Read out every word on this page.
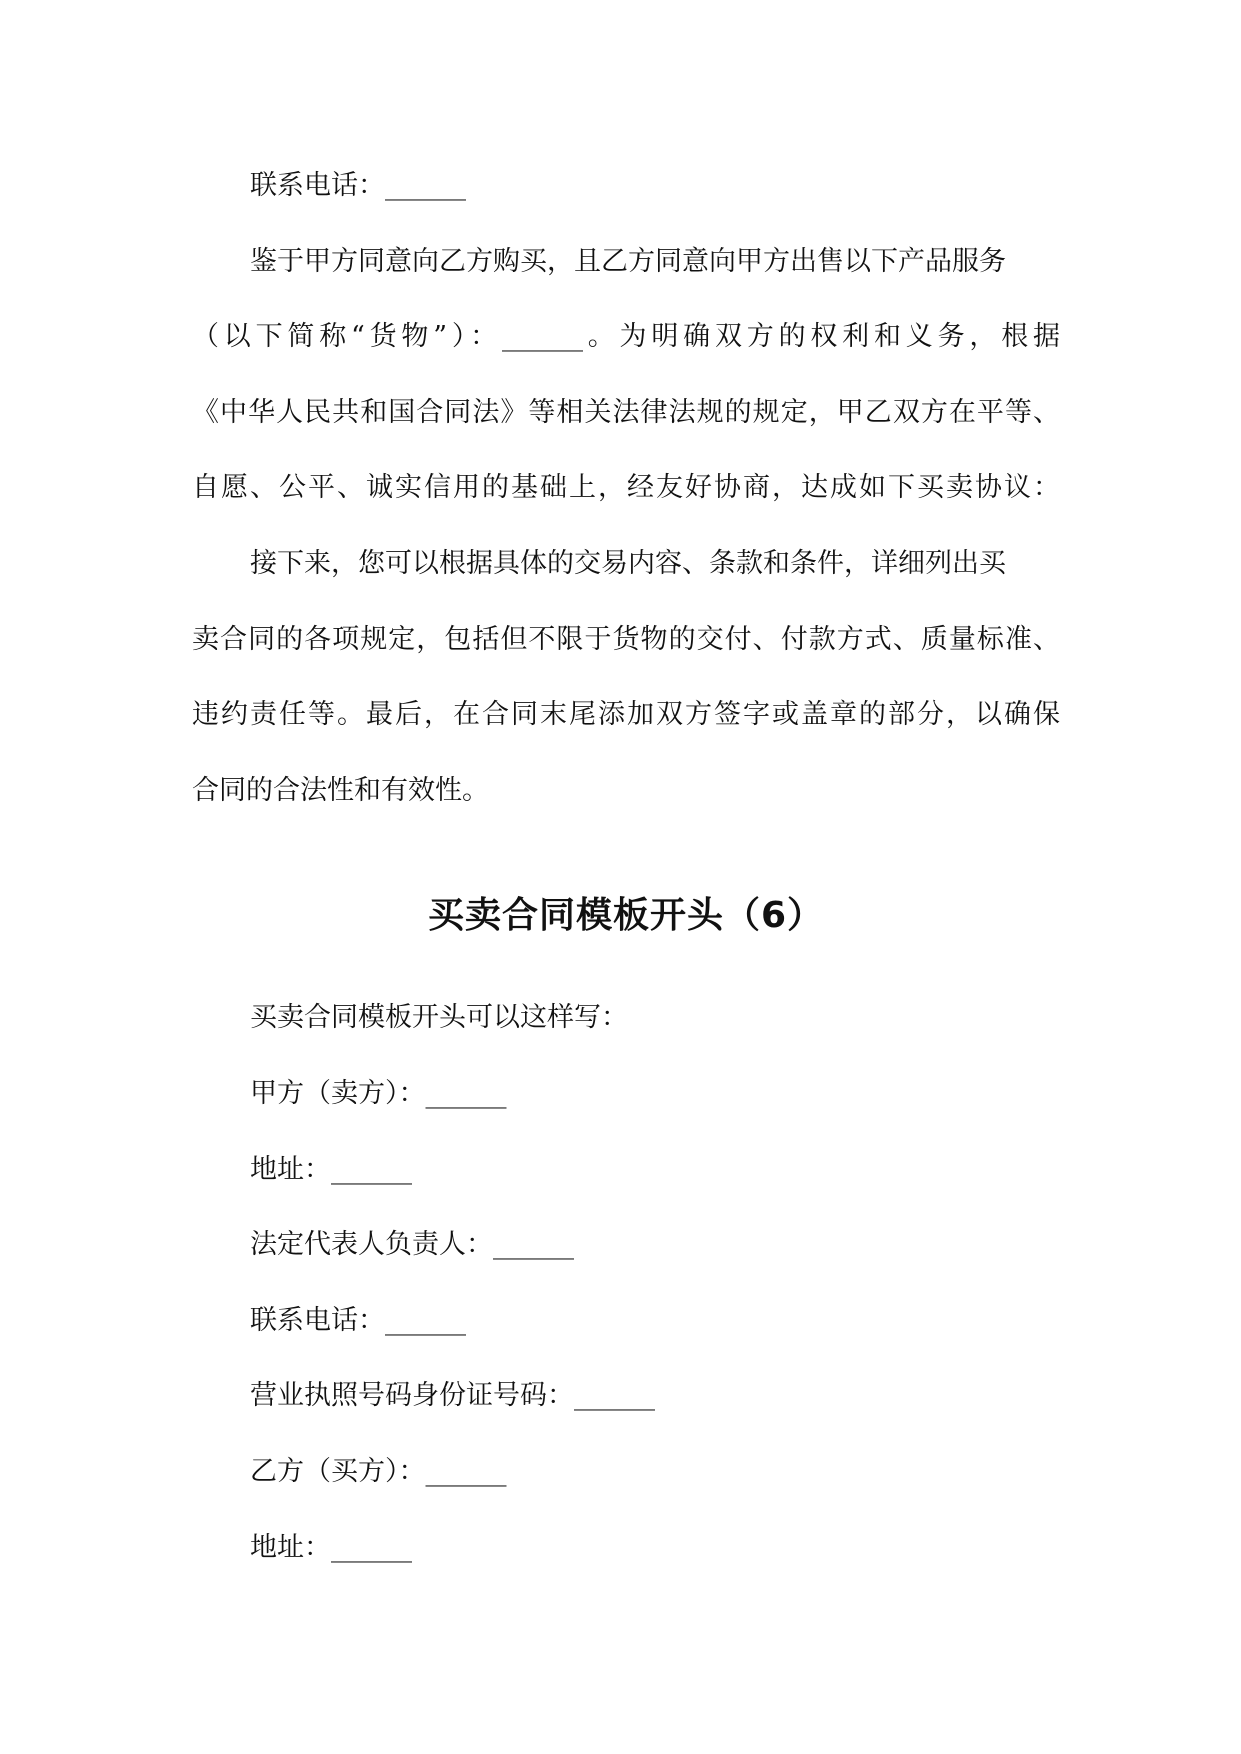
联系电话：______
鉴于甲方同意向乙方购买，且乙方同意向甲方出售以下产品服务
（以下简称“货物”）：______。为明确双方的权利和义务，根据
《中华人民共和国合同法》等相关法律法规的规定，甲乙双方在平等、
自愿、公平、诚实信用的基础上，经友好协商，达成如下买卖协议：
接下来，您可以根据具体的交易内容、条款和条件，详细列出买
卖合同的各项规定，包括但不限于货物的交付、付款方式、质量标准、
违约责任等。最后，在合同末尾添加双方签字或盖章的部分，以确保
合同的合法性和有效性。
买卖合同模板开头（6）
买卖合同模板开头可以这样写：
甲方（卖方）：______
地址：______
法定代表人负责人：______
联系电话：______
营业执照号码身份证号码：______
乙方（买方）：______
地址：______
